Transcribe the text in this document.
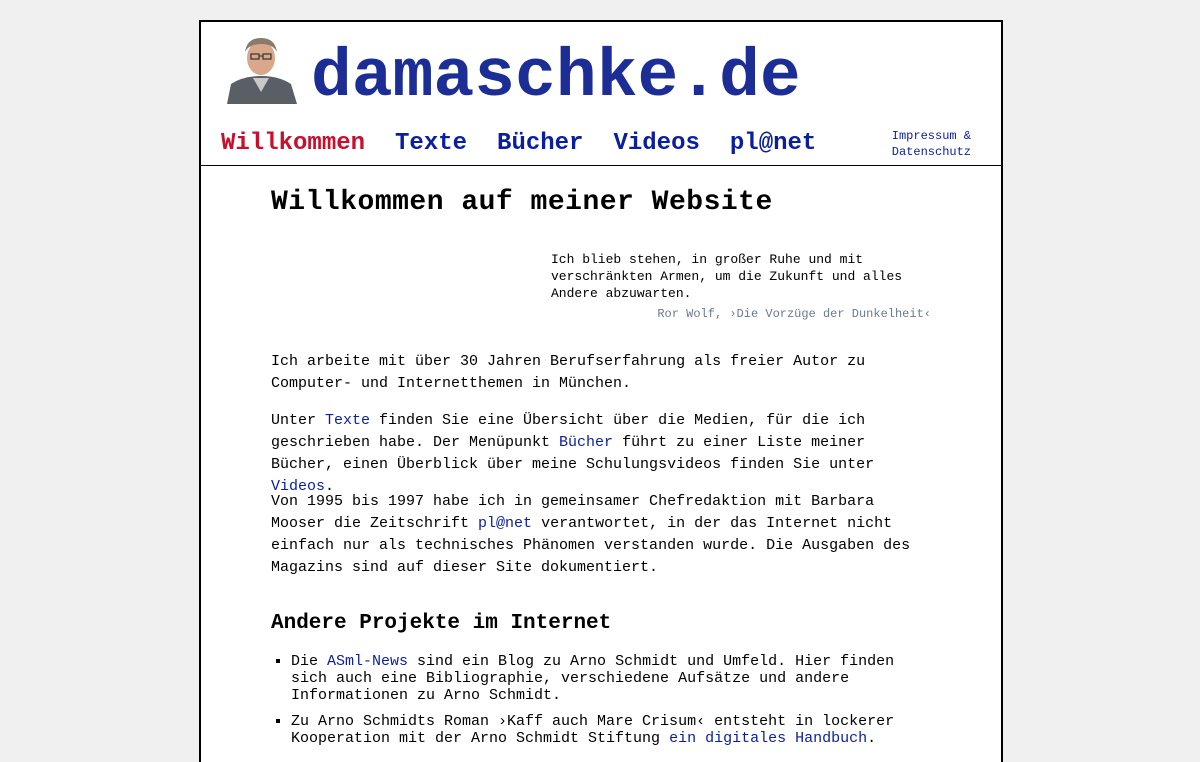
damaschke.de
Willkommen Texte Bücher Videos pl@net	Impressum &
Datenschutz
Willkommen auf meiner Website
Ich blieb stehen, in großer Ruhe und mit verschränkten Armen, um die Zukunft und alles Andere abzuwarten.
Ror Wolf, ›Die Vorzüge der Dunkelheit‹

Ich arbeite mit über 30 Jahren Berufserfahrung als freier Autor zu Computer- und Internetthemen in München.

Unter Texte finden Sie eine Übersicht über die Medien, für die ich geschrieben habe. Der Menüpunkt Bücher führt zu einer Liste meiner Bücher, einen Überblick über meine Schulungsvideos finden Sie unter Videos.

Von 1995 bis 1997 habe ich in gemeinsamer Chefredaktion mit Barbara Mooser die Zeitschrift pl@net verantwortet, in der das Internet nicht einfach nur als technisches Phänomen verstanden wurde. Die Ausgaben des Magazins sind auf dieser Site dokumentiert.

Andere Projekte im Internet
▪ Die ASml-News sind ein Blog zu Arno Schmidt und Umfeld. Hier finden sich auch eine Bibliographie, verschiedene Aufsätze und andere Informationen zu Arno Schmidt.
▪ Zu Arno Schmidts Roman ›Kaff auch Mare Crisum‹ entsteht in lockerer Kooperation mit der Arno Schmidt Stiftung ein digitales Handbuch.
